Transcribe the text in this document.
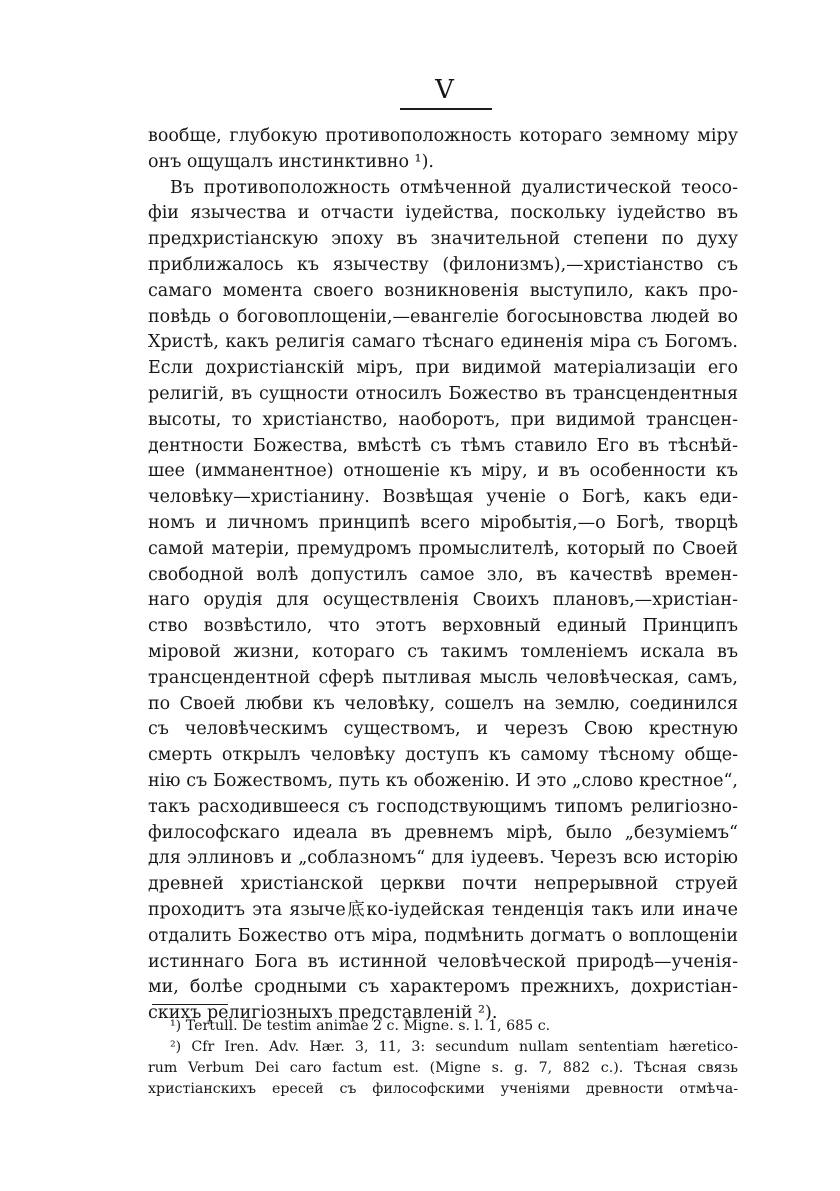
V
вообще, глубокую противоположность котораго земному міру
онъ ощущалъ инстинктивно ¹).
Въ противоположность отмѣченной дуалистической теосо-
фіи язычества и отчасти іудейства, поскольку іудейство въ
предхристіанскую эпоху въ значительной степени по духу
приближалось къ язычеству (филонизмъ),—христіанство съ
самаго момента своего возникновенія выступило, какъ про-
повѣдь о боговоплощеніи,—евангеліе богосыновства людей во
Христѣ, какъ религія самаго тѣснаго единенія міра съ Богомъ.
Если дохристіанскій міръ, при видимой матеріализаціи его
религій, въ сущности относилъ Божество въ трансцендентныя
высоты, то христіанство, наоборотъ, при видимой трансцен-
дентности Божества, вмѣстѣ съ тѣмъ ставило Его въ тѣснѣй-
шее (имманентное) отношеніе къ міру, и въ особенности къ
человѣку—христіанину. Возвѣщая ученіе о Богѣ, какъ еди-
номъ и личномъ принципѣ всего міробытія,—о Богѣ, творцѣ
самой матеріи, премудромъ промыслителѣ, который по Своей
свободной волѣ допустилъ самое зло, въ качествѣ времен-
наго орудія для осуществленія Своихъ плановъ,—христіан-
ство возвѣстило, что этотъ верховный единый Принципъ
міровой жизни, котораго съ такимъ томленіемъ искала въ
трансцендентной сферѣ пытливая мысль человѣческая, самъ,
по Своей любви къ человѣку, сошелъ на землю, соединился
съ человѣческимъ существомъ, и черезъ Свою крестную
смерть открылъ человѣку доступъ къ самому тѣсному обще-
нію съ Божествомъ, путь къ обоженію. И это „слово крестное“,
такъ расходившееся съ господствующимъ типомъ религіозно-
философскаго идеала въ древнемъ мірѣ, было „безуміемъ“
для эллиновъ и „соблазномъ“ для іудеевъ. Черезъ всю исторію
древней христіанской церкви почти непрерывной струей
проходитъ эта языче底ко-іудейская тенденція такъ или иначе
отдалить Божество отъ міра, подмѣнить догматъ о воплощеніи
истиннаго Бога въ истинной человѣческой природѣ—ученія-
ми, болѣе сродными съ характеромъ прежнихъ, дохристіан-
скихъ религіозныхъ представленій ²).
¹) Tertull. De testim animae 2 c. Migne. s. l. 1, 685 c.
²) Cfr Iren. Adv. Hær. 3, 11, 3: secundum nullam sententiam hæretico-
rum Verbum Dei caro factum est. (Migne s. g. 7, 882 c.). Тѣсная связь
христіанскихъ ересей съ философскими ученіями древности отмѣча-
